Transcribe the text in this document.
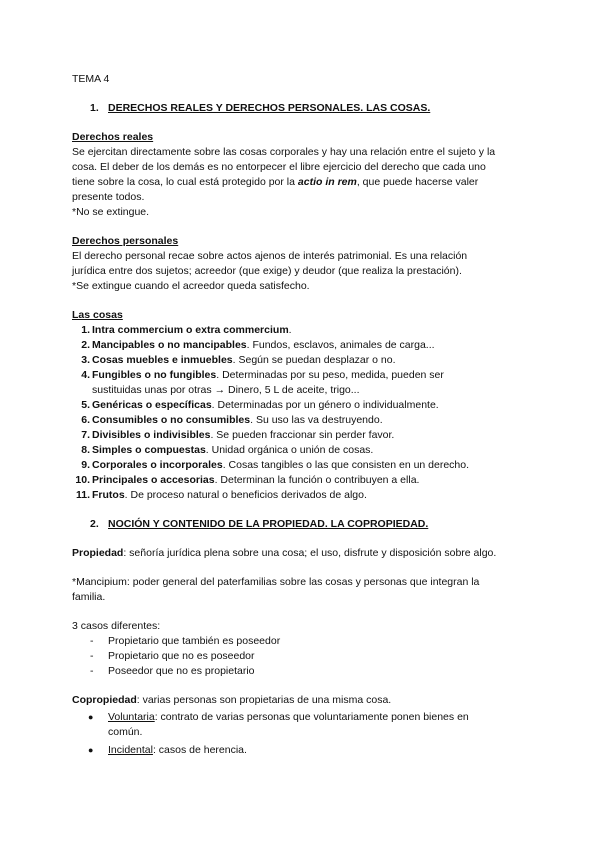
TEMA 4
1. DERECHOS REALES Y DERECHOS PERSONALES. LAS COSAS.
Derechos reales
Se ejercitan directamente sobre las cosas corporales y hay una relación entre el sujeto y la
cosa. El deber de los demás es no entorpecer el libre ejercicio del derecho que cada uno
tiene sobre la cosa, lo cual está protegido por la actio in rem, que puede hacerse valer
presente todos.
*No se extingue.
Derechos personales
El derecho personal recae sobre actos ajenos de interés patrimonial. Es una relación
jurídica entre dos sujetos; acreedor (que exige) y deudor (que realiza la prestación).
*Se extingue cuando el acreedor queda satisfecho.
Las cosas
1. Intra commercium o extra commercium.
2. Mancipables o no mancipables. Fundos, esclavos, animales de carga...
3. Cosas muebles e inmuebles. Según se puedan desplazar o no.
4. Fungibles o no fungibles. Determinadas por su peso, medida, pueden ser
sustituidas unas por otras → Dinero, 5 L de aceite, trigo...
5. Genéricas o específicas. Determinadas por un género o individualmente.
6. Consumibles o no consumibles. Su uso las va destruyendo.
7. Divisibles o indivisibles. Se pueden fraccionar sin perder favor.
8. Simples o compuestas. Unidad orgánica o unión de cosas.
9. Corporales o incorporales. Cosas tangibles o las que consisten en un derecho.
10. Principales o accesorias. Determinan la función o contribuyen a ella.
11. Frutos. De proceso natural o beneficios derivados de algo.
2. NOCIÓN Y CONTENIDO DE LA PROPIEDAD. LA COPROPIEDAD.
Propiedad: señoría jurídica plena sobre una cosa; el uso, disfrute y disposición sobre algo.
*Mancipium: poder general del paterfamilias sobre las cosas y personas que integran la
familia.
3 casos diferentes:
- Propietario que también es poseedor
- Propietario que no es poseedor
- Poseedor que no es propietario
Copropiedad: varias personas son propietarias de una misma cosa.
● Voluntaria: contrato de varias personas que voluntariamente ponen bienes en
común.
● Incidental: casos de herencia.
